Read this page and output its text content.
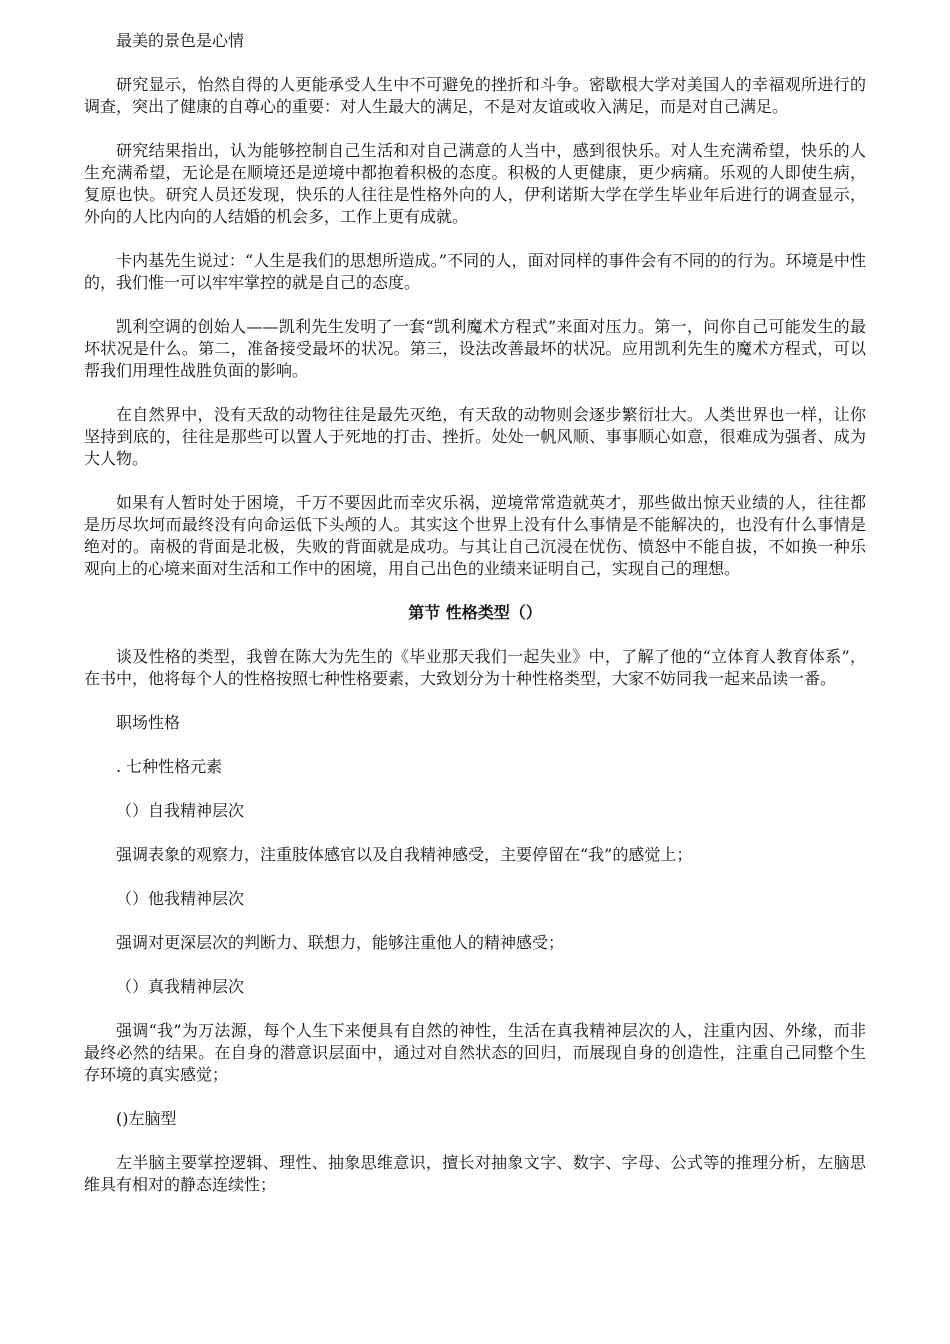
最美的景色是心情

研究显示，怡然自得的人更能承受人生中不可避免的挫折和斗争。密歇根大学对美国人的幸福观所进行的调查，突出了健康的自尊心的重要：对人生最大的满足，不是对友谊或收入满足，而是对自己满足。

研究结果指出，认为能够控制自己生活和对自己满意的人当中，感到很快乐。对人生充满希望，快乐的人生充满希望，无论是在顺境还是逆境中都抱着积极的态度。积极的人更健康，更少病痛。乐观的人即使生病，复原也快。研究人员还发现，快乐的人往往是性格外向的人，伊利诺斯大学在学生毕业年后进行的调查显示，外向的人比内向的人结婚的机会多，工作上更有成就。

卡内基先生说过：“人生是我们的思想所造成。”不同的人，面对同样的事件会有不同的的行为。环境是中性的，我们惟一可以牢牢掌控的就是自己的态度。

凯利空调的创始人——凯利先生发明了一套“凯利魔术方程式”来面对压力。第一，问你自己可能发生的最坏状况是什么。第二，准备接受最坏的状况。第三，设法改善最坏的状况。应用凯利先生的魔术方程式，可以帮我们用理性战胜负面的影响。

在自然界中，没有天敌的动物往往是最先灭绝，有天敌的动物则会逐步繁衍壮大。人类世界也一样，让你坚持到底的，往往是那些可以置人于死地的打击、挫折。处处一帆风顺、事事顺心如意，很难成为强者、成为大人物。

如果有人暂时处于困境，千万不要因此而幸灾乐祸，逆境常常造就英才，那些做出惊天业绩的人，往往都是历尽坎坷而最终没有向命运低下头颅的人。其实这个世界上没有什么事情是不能解决的，也没有什么事情是绝对的。南极的背面是北极，失败的背面就是成功。与其让自己沉浸在忧伤、愤怒中不能自拔，不如换一种乐观向上的心境来面对生活和工作中的困境，用自己出色的业绩来证明自己，实现自己的理想。

第节 性格类型（）

谈及性格的类型，我曾在陈大为先生的《毕业那天我们一起失业》中，了解了他的“立体育人教育体系”，在书中，他将每个人的性格按照七种性格要素，大致划分为十种性格类型，大家不妨同我一起来品读一番。

职场性格

. 七种性格元素

（）自我精神层次

强调表象的观察力，注重肢体感官以及自我精神感受，主要停留在“我”的感觉上；

（）他我精神层次

强调对更深层次的判断力、联想力，能够注重他人的精神感受；

（）真我精神层次

强调“我”为万法源，每个人生下来便具有自然的神性，生活在真我精神层次的人，注重内因、外缘，而非最终必然的结果。在自身的潜意识层面中，通过对自然状态的回归，而展现自身的创造性，注重自己同整个生存环境的真实感觉；

()左脑型

左半脑主要掌控逻辑、理性、抽象思维意识，擅长对抽象文字、数字、字母、公式等的推理分析，左脑思维具有相对的静态连续性；
